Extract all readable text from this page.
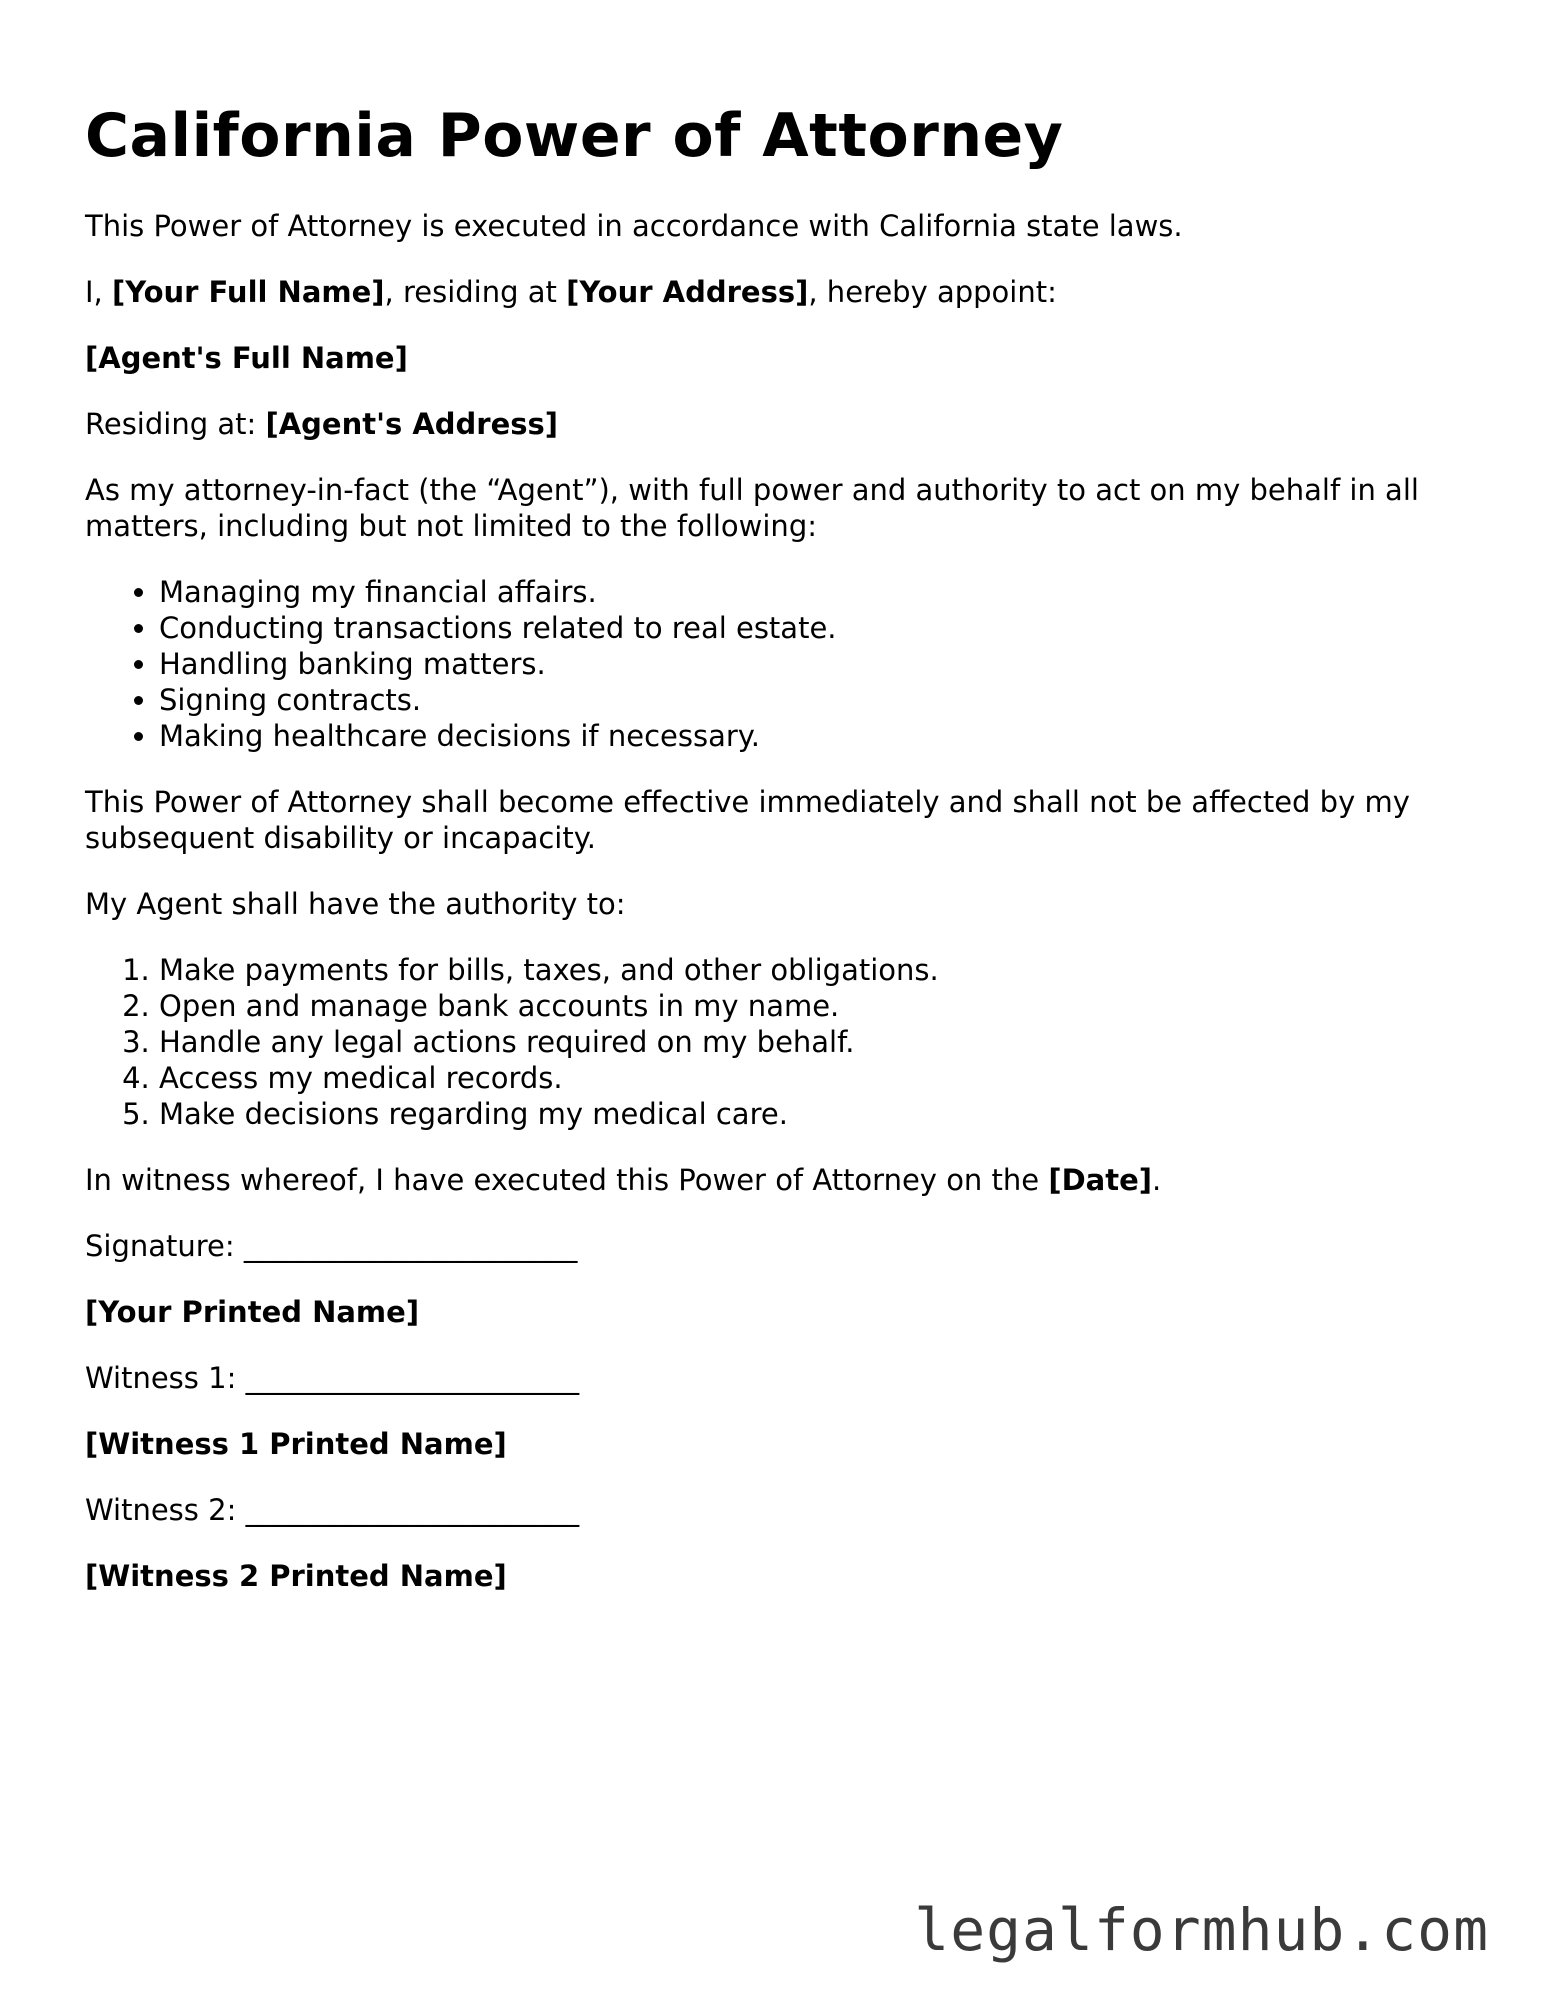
California Power of Attorney

This Power of Attorney is executed in accordance with California state laws.

I, [Your Full Name], residing at [Your Address], hereby appoint:

[Agent's Full Name]

Residing at: [Agent's Address]

As my attorney-in-fact (the “Agent”), with full power and authority to act on my behalf in all matters, including but not limited to the following:

• Managing my financial affairs.
• Conducting transactions related to real estate.
• Handling banking matters.
• Signing contracts.
• Making healthcare decisions if necessary.

This Power of Attorney shall become effective immediately and shall not be affected by my subsequent disability or incapacity.

My Agent shall have the authority to:

1. Make payments for bills, taxes, and other obligations.
2. Open and manage bank accounts in my name.
3. Handle any legal actions required on my behalf.
4. Access my medical records.
5. Make decisions regarding my medical care.

In witness whereof, I have executed this Power of Attorney on the [Date].

Signature: _______________________

[Your Printed Name]

Witness 1: _______________________

[Witness 1 Printed Name]

Witness 2: _______________________

[Witness 2 Printed Name]

legalformhub.com
